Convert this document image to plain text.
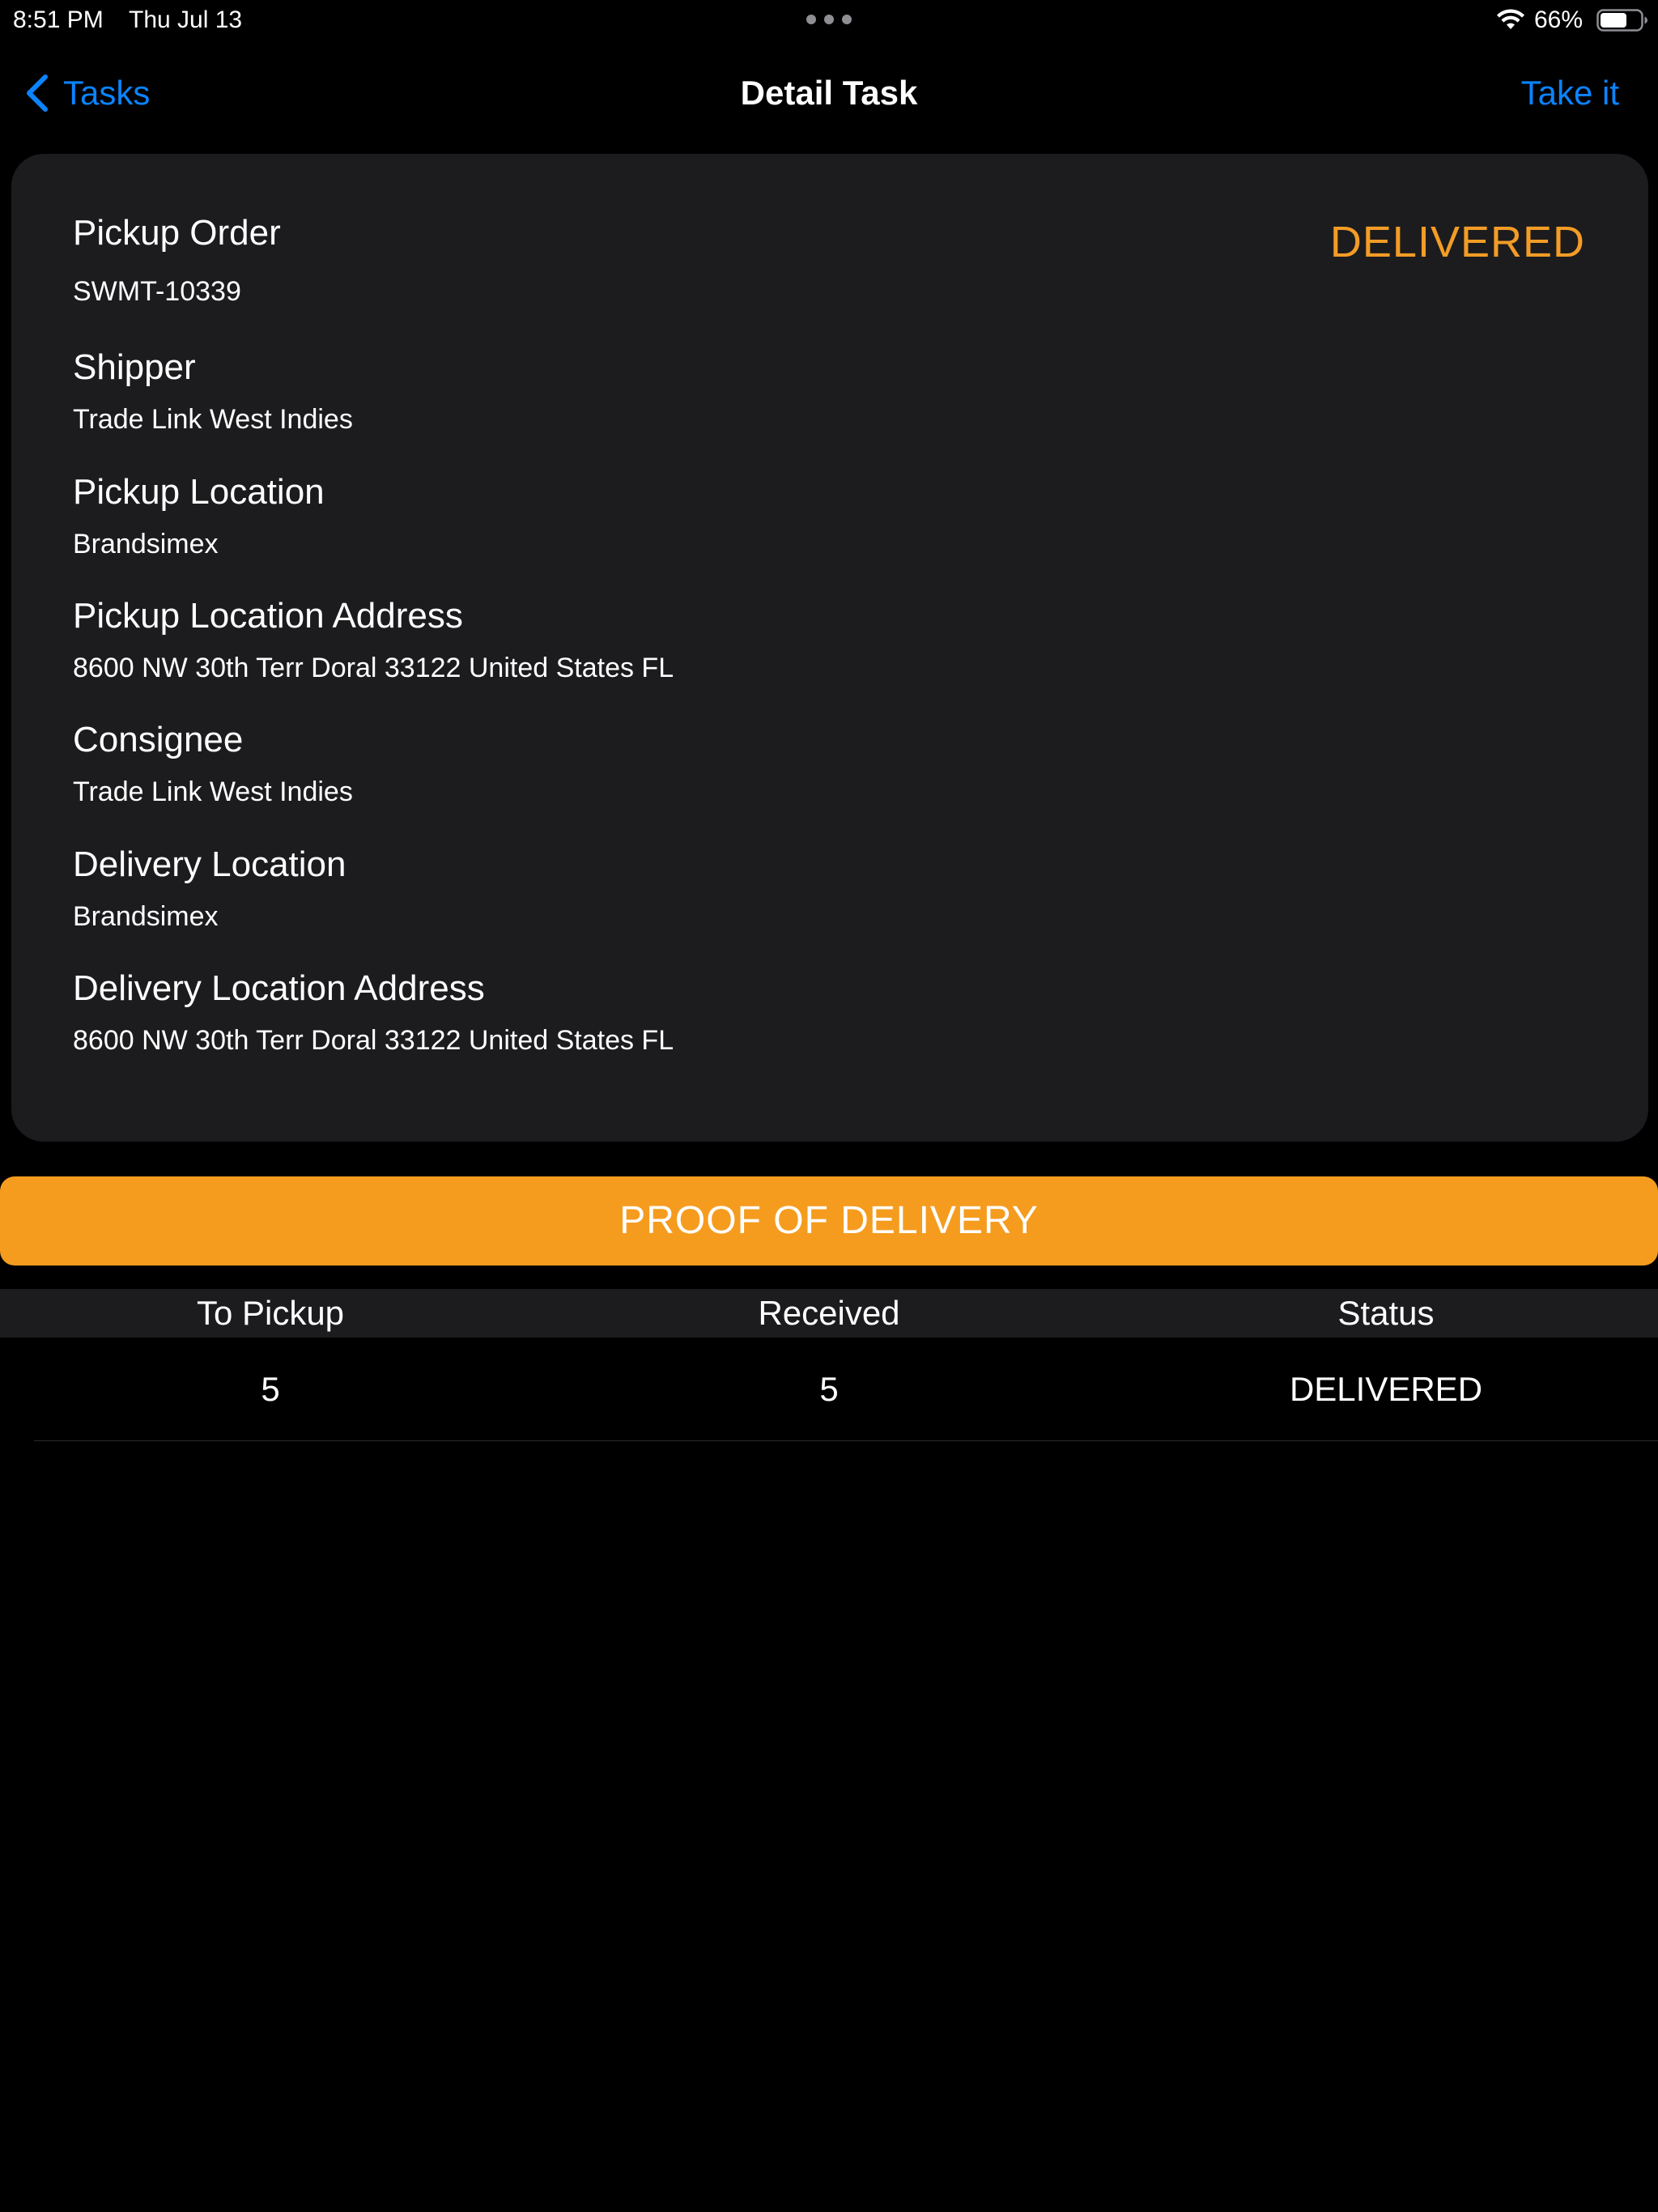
8:51 PM Thu Jul 13	66%
Tasks	Detail Task	Take it
DELIVERED
Pickup Order
SWMT-10339
Shipper
Trade Link West Indies
Pickup Location
Brandsimex
Pickup Location Address
8600 NW 30th Terr Doral 33122 United States FL
Consignee
Trade Link West Indies
Delivery Location
Brandsimex
Delivery Location Address
8600 NW 30th Terr Doral 33122 United States FL
PROOF OF DELIVERY
To Pickup	Received	Status
5	5	DELIVERED
